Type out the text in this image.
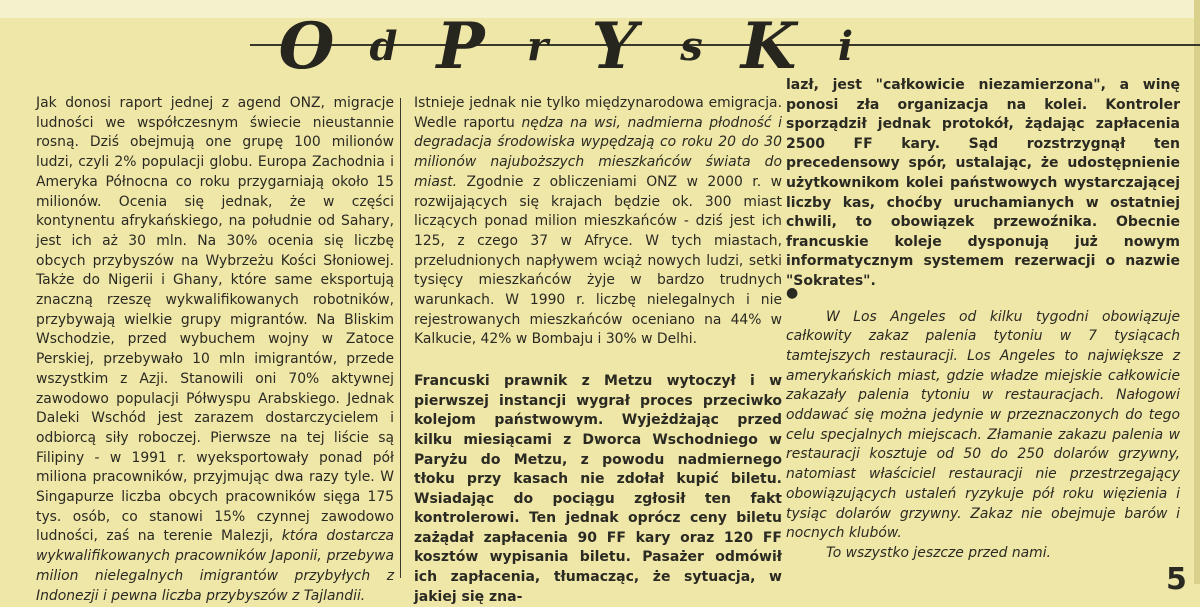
O d P	r Y	s K	i

Jak donosi raport jednej z agend ONZ, migracje ludności we współczesnym świecie nieustannie rosną. Dziś obejmują one grupę 100 milionów ludzi, czyli 2% populacji globu. Europa Zachodnia i Ameryka Północna co roku przygarniają około 15 milionów. Ocenia się jednak, że w części kontynentu afrykańskiego, na południe od Sahary, jest ich aż 30 mln. Na 30% ocenia się liczbę obcych przybyszów na Wybrzeżu Kości Słoniowej. Także do Nigerii i Ghany, które same eksportują znaczną rzeszę wykwalifikowanych robotników, przybywają wielkie grupy migrantów. Na Bliskim Wschodzie, przed wybuchem wojny w Zatoce Perskiej, przebywało 10 mln imigrantów, przede wszystkim z Azji. Stanowili oni 70% aktywnej zawodowo populacji Półwyspu Arabskiego. Jednak Daleki Wschód jest zarazem dostarczycielem i odbiorcą siły roboczej. Pierwsze na tej liście są Filipiny - w 1991 r. wyeksportowały ponad pół miliona pracowników, przyjmując dwa razy tyle. W Singapurze liczba obcych pracowników sięga 175 tys. osób, co stanowi 15% czynnej zawodowo ludności, zaś na terenie Malezji, która dostarcza wykwalifikowanych pracowników Japonii, przebywa milion nielegalnych imigrantów przybyłych z Indonezji i pewna liczba przybyszów z Tajlandii.

Istnieje jednak nie tylko międzynarodowa emigracja. Wedle raportu nędza na wsi, nadmierna płodność i degradacja środowiska wypędzają co roku 20 do 30 milionów najuboższych mieszkańców świata do miast. Zgodnie z obliczeniami ONZ w 2000 r. w rozwijających się krajach będzie ok. 300 miast liczących ponad milion mieszkańców - dziś jest ich 125, z czego 37 w Afryce. W tych miastach, przeludnionych napływem wciąż nowych ludzi, setki tysięcy mieszkańców żyje w bardzo trudnych warunkach. W 1990 r. liczbę nielegalnych i nie rejestrowanych mieszkańców oceniano na 44% w Kalkucie, 42% w Bombaju i 30% w Delhi.

Francuski prawnik z Metzu wytoczył i w pierwszej instancji wygrał proces przeciwko kolejom państwowym. Wyjeżdżając przed kilku miesiącami z Dworca Wschodniego w Paryżu do Metzu, z powodu nadmiernego tłoku przy kasach nie zdołał kupić biletu. Wsiadając do pociągu zgłosił ten fakt kontrolerowi. Ten jednak oprócz ceny biletu zażądał zapłacenia 90 FF kary oraz 120 FF kosztów wypisania biletu. Pasażer odmówił ich zapłacenia, tłumacząc, że sytuacja, w jakiej się zna-

lazł, jest "całkowicie niezamierzona", a winę ponosi zła organizacja na kolei. Kontroler sporządził jednak protokół, żądając zapłacenia 2500 FF kary. Sąd rozstrzygnął ten precedensowy spór, ustalając, że udostępnienie użytkownikom kolei państwowych wystarczającej liczby kas, choćby uruchamianych w ostatniej chwili, to obowiązek przewoźnika. Obecnie francuskie koleje dysponują już nowym informatycznym systemem rezerwacji o nazwie "Sokrates".

●

W Los Angeles od kilku tygodni obowiązuje całkowity zakaz palenia tytoniu w 7 tysiącach tamtejszych restauracji. Los Angeles to największe z amerykańskich miast, gdzie władze miejskie całkowicie zakazały palenia tytoniu w restauracjach. Nałogowi oddawać się można jedynie w przeznaczonych do tego celu specjalnych miejscach. Złamanie zakazu palenia w restauracji kosztuje od 50 do 250 dolarów grzywny, natomiast właściciel restauracji nie przestrzegający obowiązujących ustaleń ryzykuje pół roku więzienia i tysiąc dolarów grzywny. Zakaz nie obejmuje barów i nocnych klubów.

To wszystko jeszcze przed nami.

5
